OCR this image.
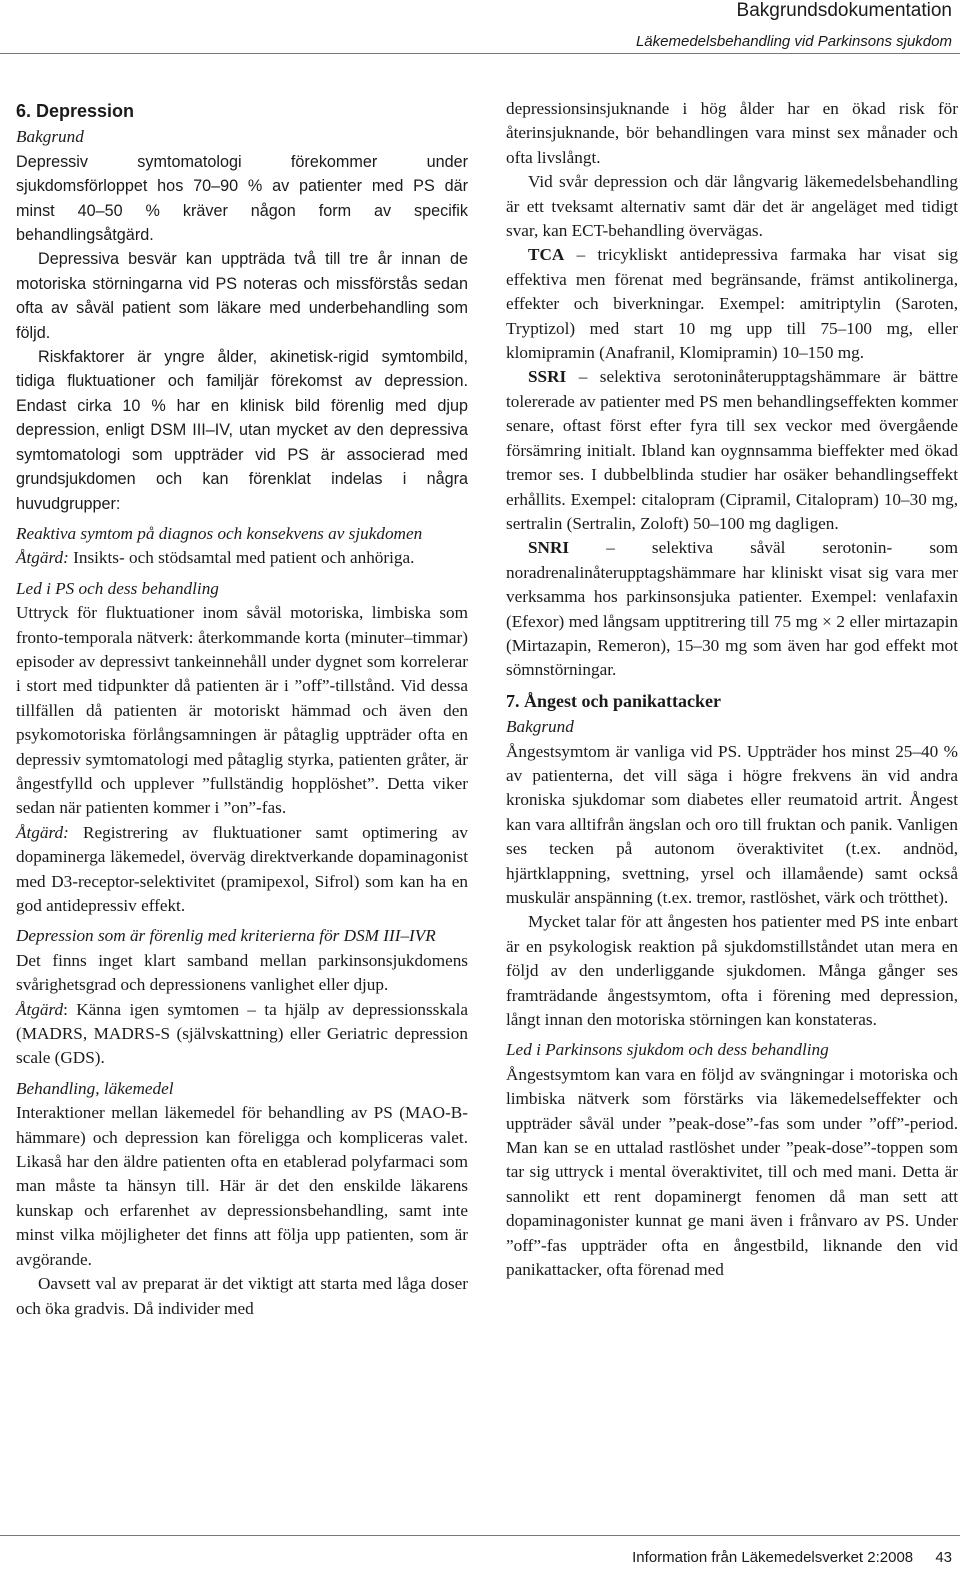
Bakgrundsdokumentation
Läkemedelsbehandling vid Parkinsons sjukdom

6. Depression

Bakgrund

Depressiv symtomatologi förekommer under sjukdomsförloppet hos 70–90 % av patienter med PS där minst 40–50 % kräver någon form av specifik behandlingsåtgärd.

Depressiva besvär kan uppträda två till tre år innan de motoriska störningarna vid PS noteras och missförstås sedan ofta av såväl patient som läkare med underbehandling som följd.

Riskfaktorer är yngre ålder, akinetisk-rigid symtombild, tidiga fluktuationer och familjär förekomst av depression. Endast cirka 10 % har en klinisk bild förenlig med djup depression, enligt DSM III–IV, utan mycket av den depressiva symtomatologi som uppträder vid PS är associerad med grundsjukdomen och kan förenklat indelas i några huvudgrupper:

Reaktiva symtom på diagnos och konsekvens av sjukdomen

Åtgärd: Insikts- och stödsamtal med patient och anhöriga.

Led i PS och dess behandling

Uttryck för fluktuationer inom såväl motoriska, limbiska som fronto-temporala nätverk: återkommande korta (minuter–timmar) episoder av depressivt tankeinnehåll under dygnet som korrelerar i stort med tidpunkter då patienten är i ”off”-tillstånd. Vid dessa tillfällen då patienten är motoriskt hämmad och även den psykomotoriska förlångsamningen är påtaglig uppträder ofta en depressiv symtomatologi med påtaglig styrka, patienten gråter, är ångestfylld och upplever ”fullständig hopplöshet”. Detta viker sedan när patienten kommer i ”on”-fas.

Åtgärd: Registrering av fluktuationer samt optimering av dopaminerga läkemedel, överväg direktverkande dopaminagonist med D3-receptor-selektivitet (pramipexol, Sifrol) som kan ha en god antidepressiv effekt.

Depression som är förenlig med kriterierna för DSM III–IVR

Det finns inget klart samband mellan parkinsonsjukdomens svårighetsgrad och depressionens vanlighet eller djup.

Åtgärd: Känna igen symtomen – ta hjälp av depressionsskala (MADRS, MADRS-S (självskattning) eller Geriatric depression scale (GDS).

Behandling, läkemedel

Interaktioner mellan läkemedel för behandling av PS (MAO-B-hämmare) och depression kan föreligga och kompliceras valet. Likaså har den äldre patienten ofta en etablerad polyfarmaci som man måste ta hänsyn till. Här är det den enskilde läkarens kunskap och erfarenhet av depressionsbehandling, samt inte minst vilka möjligheter det finns att följa upp patienten, som är avgörande.

Oavsett val av preparat är det viktigt att starta med låga doser och öka gradvis. Då individer med

depressionsinsjuknande i hög ålder har en ökad risk för återinsjuknande, bör behandlingen vara minst sex månader och ofta livslångt.

Vid svår depression och där långvarig läkemedelsbehandling är ett tveksamt alternativ samt där det är angeläget med tidigt svar, kan ECT-behandling övervägas.

TCA – tricykliskt antidepressiva farmaka har visat sig effektiva men förenat med begränsande, främst antikolinerga, effekter och biverkningar. Exempel: amitriptylin (Saroten, Tryptizol) med start 10 mg upp till 75–100 mg, eller klomipramin (Anafranil, Klomipramin) 10–150 mg.

SSRI – selektiva serotoninåterupptagshämmare är bättre tolererade av patienter med PS men behandlingseffekten kommer senare, oftast först efter fyra till sex veckor med övergående försämring initialt. Ibland kan oygnnsamma bieffekter med ökad tremor ses. I dubbelblinda studier har osäker behandlingseffekt erhållits. Exempel: citalopram (Cipramil, Citalopram) 10–30 mg, sertralin (Sertralin, Zoloft) 50–100 mg dagligen.

SNRI – selektiva såväl serotonin- som noradrenalinåterupptagshämmare har kliniskt visat sig vara mer verksamma hos parkinsonsjuka patienter. Exempel: venlafaxin (Efexor) med långsam upptitrering till 75 mg × 2 eller mirtazapin (Mirtazapin, Remeron), 15–30 mg som även har god effekt mot sömnstörningar.

7. Ångest och panikattacker

Bakgrund

Ångestsymtom är vanliga vid PS. Uppträder hos minst 25–40 % av patienterna, det vill säga i högre frekvens än vid andra kroniska sjukdomar som diabetes eller reumatoid artrit. Ångest kan vara alltifrån ängslan och oro till fruktan och panik. Vanligen ses tecken på autonom överaktivitet (t.ex. andnöd, hjärtklappning, svettning, yrsel och illamående) samt också muskulär anspänning (t.ex. tremor, rastlöshet, värk och trötthet).

Mycket talar för att ångesten hos patienter med PS inte enbart är en psykologisk reaktion på sjukdomstillståndet utan mera en följd av den underliggande sjukdomen. Många gånger ses framträdande ångestsymtom, ofta i förening med depression, långt innan den motoriska störningen kan konstateras.

Led i Parkinsons sjukdom och dess behandling

Ångestsymtom kan vara en följd av svängningar i motoriska och limbiska nätverk som förstärks via läkemedelseffekter och uppträder såväl under ”peak-dose”-fas som under ”off”-period. Man kan se en uttalad rastlöshet under ”peak-dose”-toppen som tar sig uttryck i mental överaktivitet, till och med mani. Detta är sannolikt ett rent dopaminergt fenomen då man sett att dopaminagonister kunnat ge mani även i frånvaro av PS. Under ”off”-fas uppträder ofta en ångestbild, liknande den vid panikattacker, ofta förenad med

Information från Läkemedelsverket 2:2008 43
